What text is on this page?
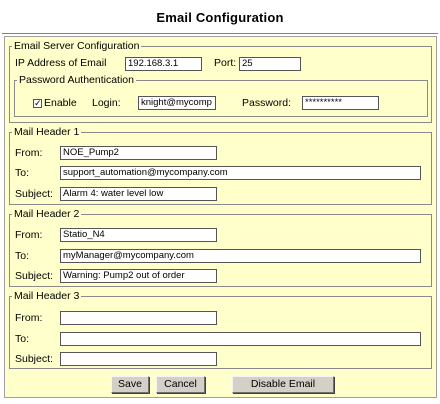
Email Configuration
Email Server Configuration
IP Address of Email	192.168.3.1	Port: 25
Password Authentication
✓ Enable Login:	knight@mycomp	Password:	**********
Mail Header 1
From:	NOE_Pump2
To:	support_automation@mycompany.com
Subject:	Alarm 4: water level low
Mail Header 2
From:	Statio_N4
To:	myManager@mycompany.com
Subject:	Warning: Pump2 out of order
Mail Header 3
From:
To:
Subject:
Save	Cancel	Disable Email
